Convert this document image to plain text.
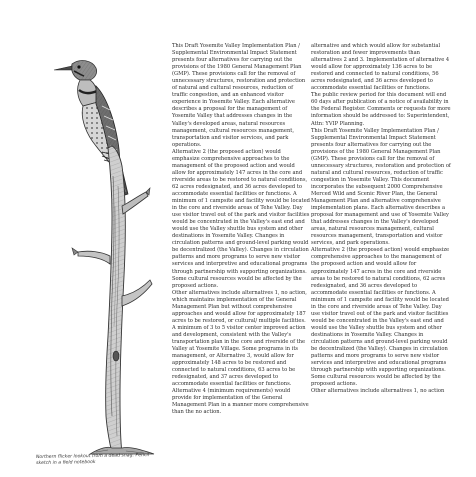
Northern flicker lookout from a dead snag. Pencil sketch in a field notebook

This Draft Yosemite Valley Implementation Plan / Supplemental Environmental Impact Statement presents four alternatives for carrying out the provisions of the 1980 General Management Plan (GMP). These provisions call for the removal of unnecessary structures, restoration and protection of natural and cultural resources, reduction of traffic congestion, and an enhanced visitor experience in Yosemite Valley. Each alternative describes a proposal for the management of Yosemite Valley that addresses changes in the Valley's developed areas, natural resources management, cultural resources management, transportation and visitor services, and park operations.

Alternative 2 (the proposed action) would emphasize comprehensive approaches to the management of the proposed action and would allow for approximately 147 acres in the core and riverside areas to be restored to natural conditions, 62 acres redesignated, and 36 acres developed to accommodate essential facilities or functions. A minimum of 1 campsite and facility would be located in the core and riverside areas of Tehe Valley. Day use visitor travel out of the park and visitor facilities would be concentrated in the Valley's east end and would use the Valley shuttle bus system and other destinations in Yosemite Valley. Changes in circulation patterns and ground-level parking would be decentralized (the Valley). Changes in circulation patterns and more programs to serve new visitor services and interpretive and educational programs through partnership with supporting organizations. Some cultural resources would be affected by the proposed actions.

Other alternatives include alternatives 1, no action, which maintains implementation of the General Management Plan but without comprehensive approaches and would allow for approximately 187 acres to be restored, or cultural/ multiple facilities. A minimum of 3 to 5 visitor center improved action and development, consistent with the Valley's transportation plan in the core and riverside of the Valley at Yosemite Village. Some programs in its management, or Alternative 3, would allow for approximately 148 acres to be restored and connected to natural conditions, 63 acres to be redesignated, and 37 acres developed to accommodate essential facilities or functions. Alternative 4 (minimum requirements) would provide for implementation of the General Management Plan in a manner more comprehensive than the no action.

alternative and which would allow for substantial restoration and fewer improvements than alternatives 2 and 3. Implementation of alternative 4 would allow for approximately 136 acres to be restored and connected to natural conditions, 56 acres redesignated, and 36 acres developed to accommodate essential facilities or functions.

The public review period for this document will end 60 days after publication of a notice of availability in the Federal Register. Comments or requests for more information should be addressed to: Superintendent, Attn: YVIP Planning.

This Draft Yosemite Valley Implementation Plan / Supplemental Environmental Impact Statement presents four alternatives for carrying out the provisions of the 1980 General Management Plan (GMP). These provisions call for the removal of unnecessary structures, restoration and protection of natural and cultural resources, reduction of traffic congestion in Yosemite Valley. This document incorporates the subsequent 2000 Comprehensive Merced Wild and Scenic River Plan, the General Management Plan and alternative comprehensive implementation plans. Each alternative describes a proposal for management and use of Yosemite Valley that addresses changes in the Valley's developed areas, natural resources management, cultural resources management, transportation and visitor services, and park operations.

Alternative 2 (the proposed action) would emphasize comprehensive approaches to the management of the proposed action and would allow for approximately 147 acres in the core and riverside areas to be restored to natural conditions, 62 acres redesignated, and 36 acres developed to accommodate essential facilities or functions. A minimum of 1 campsite and facility would be located in the core and riverside areas of Tehe Valley. Day use visitor travel out of the park and visitor facilities would be concentrated in the Valley's east end and would use the Valley shuttle bus system and other destinations in Yosemite Valley. Changes in circulation patterns and ground-level parking would be decentralized (the Valley). Changes in circulation patterns and more programs to serve new visitor services and interpretive and educational programs through partnership with supporting organizations. Some cultural resources would be affected by the proposed actions.

Other alternatives include alternatives 1, no action
